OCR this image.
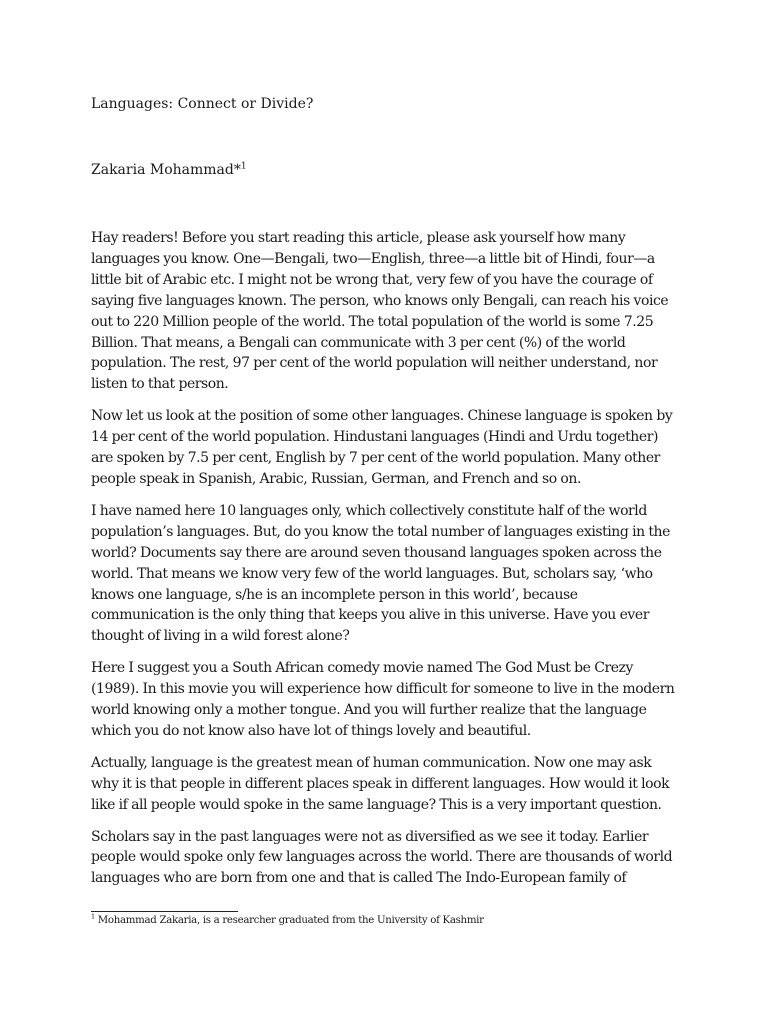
Languages: Connect or Divide?
Zakaria Mohammad*$^1$

Hay readers! Before you start reading this article, please ask yourself how many languages you know. One—Bengali, two—English, three—a little bit of Hindi, four—a little bit of Arabic etc. I might not be wrong that, very few of you have the courage of saying five languages known. The person, who knows only Bengali, can reach his voice out to 220 Million people of the world. The total population of the world is some 7.25 Billion. That means, a Bengali can communicate with 3 per cent (%) of the world population. The rest, 97 per cent of the world population will neither understand, nor listen to that person.

Now let us look at the position of some other languages. Chinese language is spoken by 14 per cent of the world population. Hindustani languages (Hindi and Urdu together) are spoken by 7.5 per cent, English by 7 per cent of the world population. Many other people speak in Spanish, Arabic, Russian, German, and French and so on.

I have named here 10 languages only, which collectively constitute half of the world population’s languages. But, do you know the total number of languages existing in the world? Documents say there are around seven thousand languages spoken across the world. That means we know very few of the world languages. But, scholars say, ‘who knows one language, s/he is an incomplete person in this world’, because communication is the only thing that keeps you alive in this universe. Have you ever thought of living in a wild forest alone?

Here I suggest you a South African comedy movie named The God Must be Crezy (1989). In this movie you will experience how difficult for someone to live in the modern world knowing only a mother tongue. And you will further realize that the language which you do not know also have lot of things lovely and beautiful.

Actually, language is the greatest mean of human communication. Now one may ask why it is that people in different places speak in different languages. How would it look like if all people would spoke in the same language? This is a very important question.

Scholars say in the past languages were not as diversified as we see it today. Earlier people would spoke only few languages across the world. There are thousands of world languages who are born from one and that is called The Indo-European family of

$^1$ Mohammad Zakaria, is a researcher graduated from the University of Kashmir
